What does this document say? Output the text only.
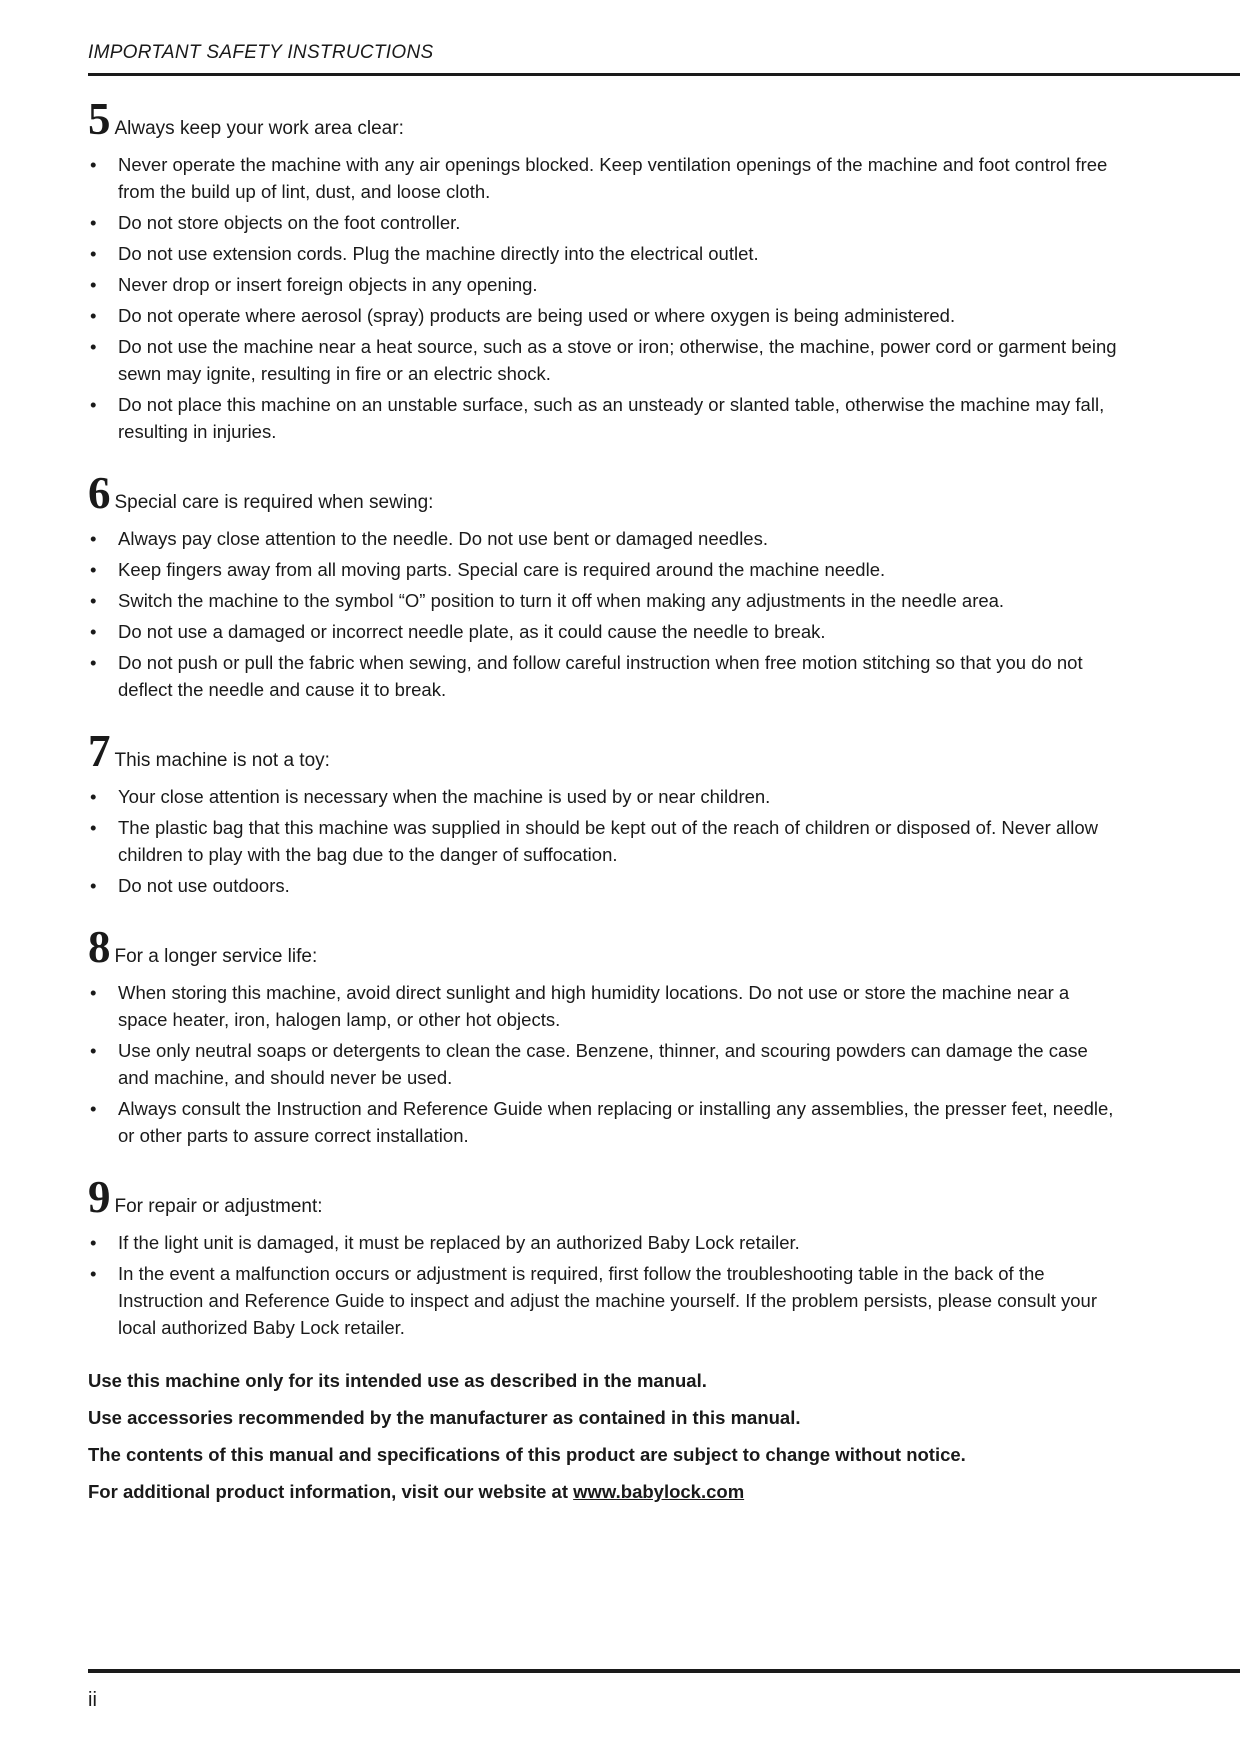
IMPORTANT SAFETY INSTRUCTIONS
5 Always keep your work area clear:
• Never operate the machine with any air openings blocked. Keep ventilation openings of the machine and foot control free from the build up of lint, dust, and loose cloth.
• Do not store objects on the foot controller.
• Do not use extension cords. Plug the machine directly into the electrical outlet.
• Never drop or insert foreign objects in any opening.
• Do not operate where aerosol (spray) products are being used or where oxygen is being administered.
• Do not use the machine near a heat source, such as a stove or iron; otherwise, the machine, power cord or garment being sewn may ignite, resulting in fire or an electric shock.
• Do not place this machine on an unstable surface, such as an unsteady or slanted table, otherwise the machine may fall, resulting in injuries.
6 Special care is required when sewing:
• Always pay close attention to the needle. Do not use bent or damaged needles.
• Keep fingers away from all moving parts. Special care is required around the machine needle.
• Switch the machine to the symbol “O” position to turn it off when making any adjustments in the needle area.
• Do not use a damaged or incorrect needle plate, as it could cause the needle to break.
• Do not push or pull the fabric when sewing, and follow careful instruction when free motion stitching so that you do not deflect the needle and cause it to break.
7 This machine is not a toy:
• Your close attention is necessary when the machine is used by or near children.
• The plastic bag that this machine was supplied in should be kept out of the reach of children or disposed of. Never allow children to play with the bag due to the danger of suffocation.
• Do not use outdoors.
8 For a longer service life:
• When storing this machine, avoid direct sunlight and high humidity locations. Do not use or store the machine near a space heater, iron, halogen lamp, or other hot objects.
• Use only neutral soaps or detergents to clean the case. Benzene, thinner, and scouring powders can damage the case and machine, and should never be used.
• Always consult the Instruction and Reference Guide when replacing or installing any assemblies, the presser feet, needle, or other parts to assure correct installation.
9 For repair or adjustment:
• If the light unit is damaged, it must be replaced by an authorized Baby Lock retailer.
• In the event a malfunction occurs or adjustment is required, first follow the troubleshooting table in the back of the Instruction and Reference Guide to inspect and adjust the machine yourself. If the problem persists, please consult your local authorized Baby Lock retailer.
Use this machine only for its intended use as described in the manual.
Use accessories recommended by the manufacturer as contained in this manual.
The contents of this manual and specifications of this product are subject to change without notice.
For additional product information, visit our website at www.babylock.com
ii
